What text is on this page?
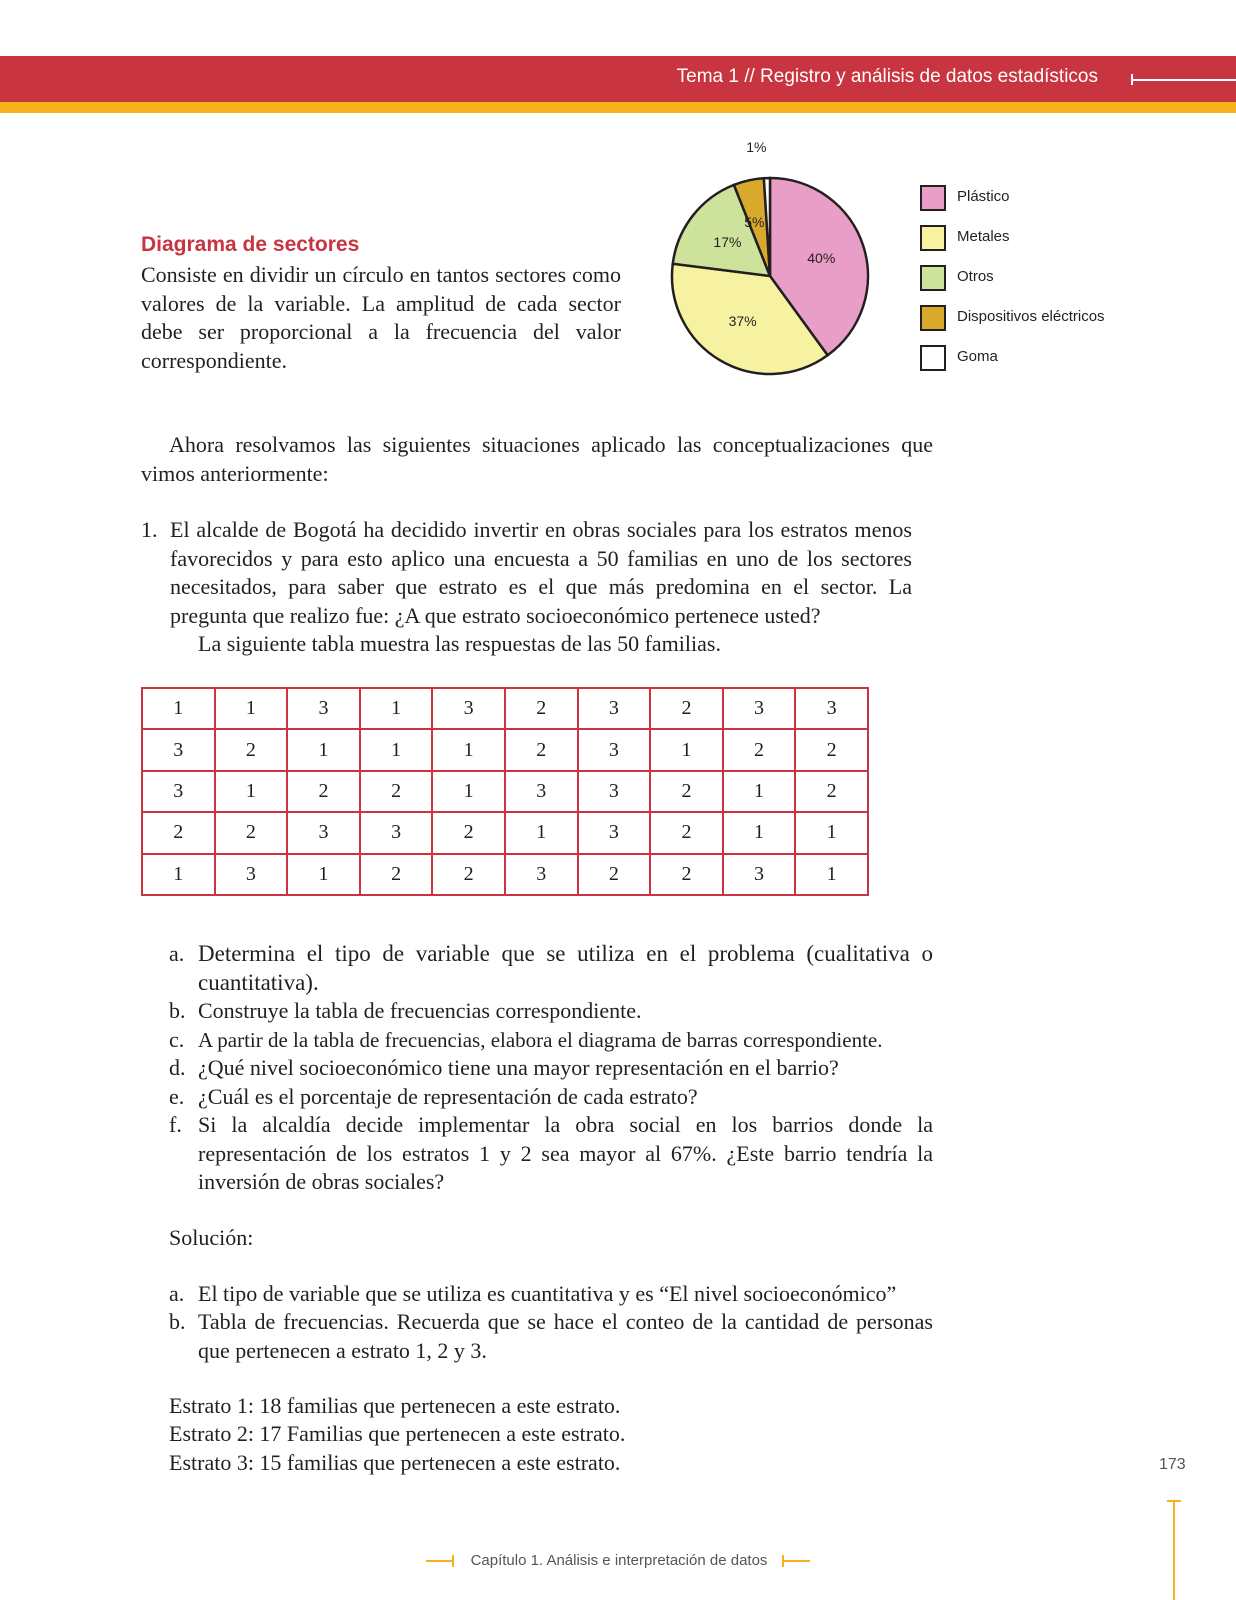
Tema 1 // Registro y análisis de datos estadísticos
Diagrama de sectores
Consiste en dividir un círculo en tantos sectores como valores de la variable. La amplitud de cada sector debe ser proporcional a la frecuencia del valor correspondiente.
40%
37%
17%
5%
1%
Plástico
Metales
Otros
Dispositivos eléctricos
Goma
Ahora resolvamos las siguientes situaciones aplicado las conceptualizaciones que vimos anteriormente:
1. El alcalde de Bogotá ha decidido invertir en obras sociales para los estratos menos favorecidos y para esto aplico una encuesta a 50 familias en uno de los sectores necesitados, para saber que estrato es el que más predomina en el sector. La pregunta que realizo fue: ¿A que estrato socioeconómico pertenece usted?
La siguiente tabla muestra las respuestas de las 50 familias.
1	1	3	1	3	2	3	2	3	3
3	2	1	1	1	2	3	1	2	2
3	1	2	2	1	3	3	2	1	2
2	2	3	3	2	1	3	2	1	1
1	3	1	2	2	3	2	2	3	1
a. Determina el tipo de variable que se utiliza en el problema (cualitativa o cuantitativa).
b. Construye la tabla de frecuencias correspondiente.
c. A partir de la tabla de frecuencias, elabora el diagrama de barras correspondiente.
d. ¿Qué nivel socioeconómico tiene una mayor representación en el barrio?
e. ¿Cuál es el porcentaje de representación de cada estrato?
f. Si la alcaldía decide implementar la obra social en los barrios donde la representación de los estratos 1 y 2 sea mayor al 67%. ¿Este barrio tendría la inversión de obras sociales?
Solución:
a. El tipo de variable que se utiliza es cuantitativa y es “El nivel socioeconómico”
b. Tabla de frecuencias. Recuerda que se hace el conteo de la cantidad de personas que pertenecen a estrato 1, 2 y 3.
Estrato 1: 18 familias que pertenecen a este estrato.
Estrato 2: 17 Familias que pertenecen a este estrato.
Estrato 3: 15 familias que pertenecen a este estrato.	173
Capítulo 1. Análisis e interpretación de datos
